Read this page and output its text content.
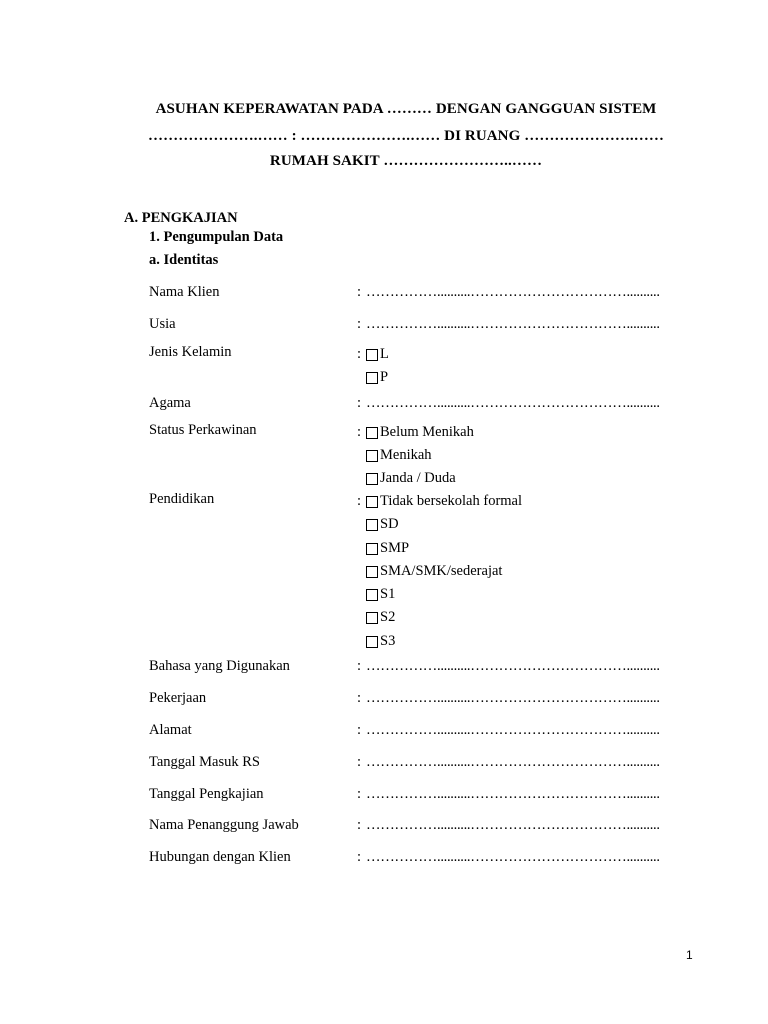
ASUHAN KEPERAWATAN PADA ……… DENGAN GANGGUAN SISTEM
………………….…… : ………………….…… DI RUANG ………………….……
RUMAH SAKIT ……………………..……
A. PENGKAJIAN
1. Pengumpulan Data
a. Identitas
Nama Klien	: ……………..........……………………………..........
Usia	: ……………..........……………………………..........
Jenis Kelamin	:	L
P
Agama	: ……………..........……………………………..........
Status Perkawinan	:	Belum Menikah
Menikah
Janda / Duda
Pendidikan	:	Tidak bersekolah formal
SD
SMP
SMA/SMK/sederajat
S1
S2
S3
Bahasa yang Digunakan	: ……………..........……………………………..........
Pekerjaan	: ……………..........……………………………..........
Alamat	: ……………..........……………………………..........
Tanggal Masuk RS	: ……………..........……………………………..........
Tanggal Pengkajian	: ……………..........……………………………..........
Nama Penanggung Jawab	: ……………..........……………………………..........
Hubungan dengan Klien	: ……………..........……………………………..........
1
